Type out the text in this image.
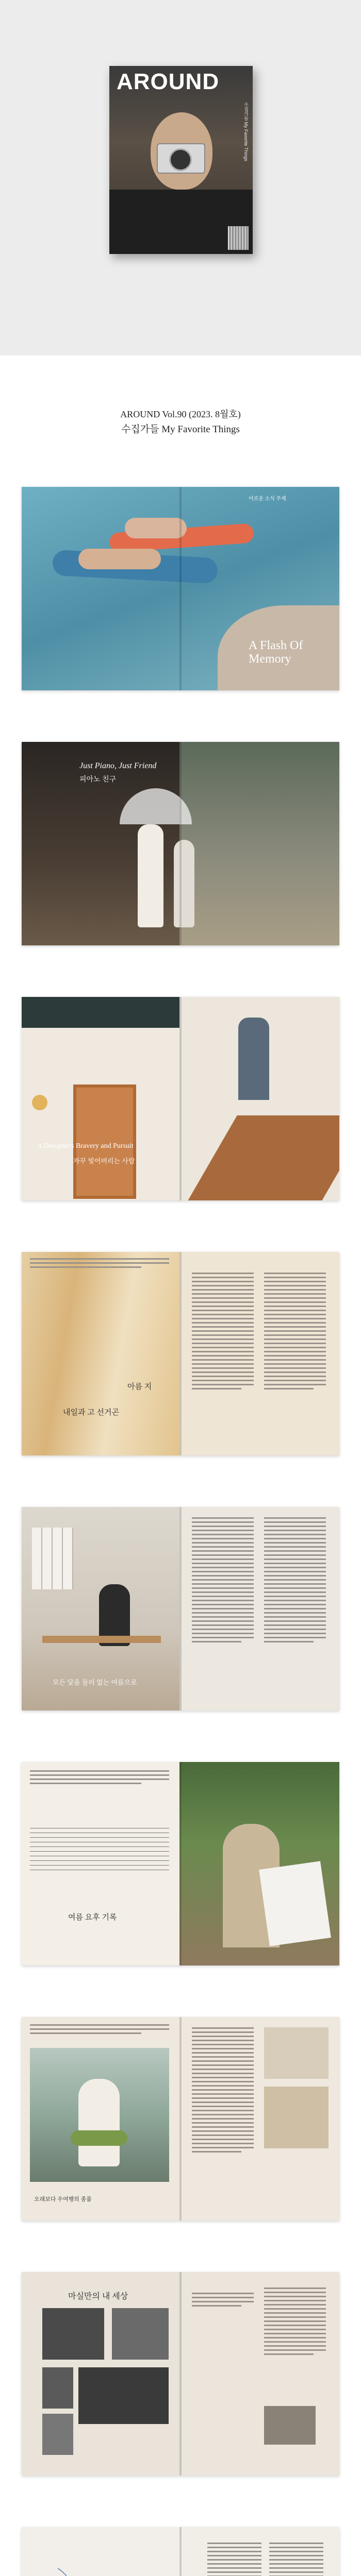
AROUND
수집가들 My Favorite Things
AROUND Vol.90 (2023. 8월호)
수집가들 My Favorite Things
어로운 소식 주제
A Flash Of Memory
Just Piano, Just Friend
피아노 친구
A Designer's Bravery and Pursuit
자꾸 빛어버리는 사람
아름 지
내일과 고 선거곤
모든 닻을 둘러 없는 여름으로
여름 요후 기록
오래보다 우여행의 종품
마실만의 내 세상
